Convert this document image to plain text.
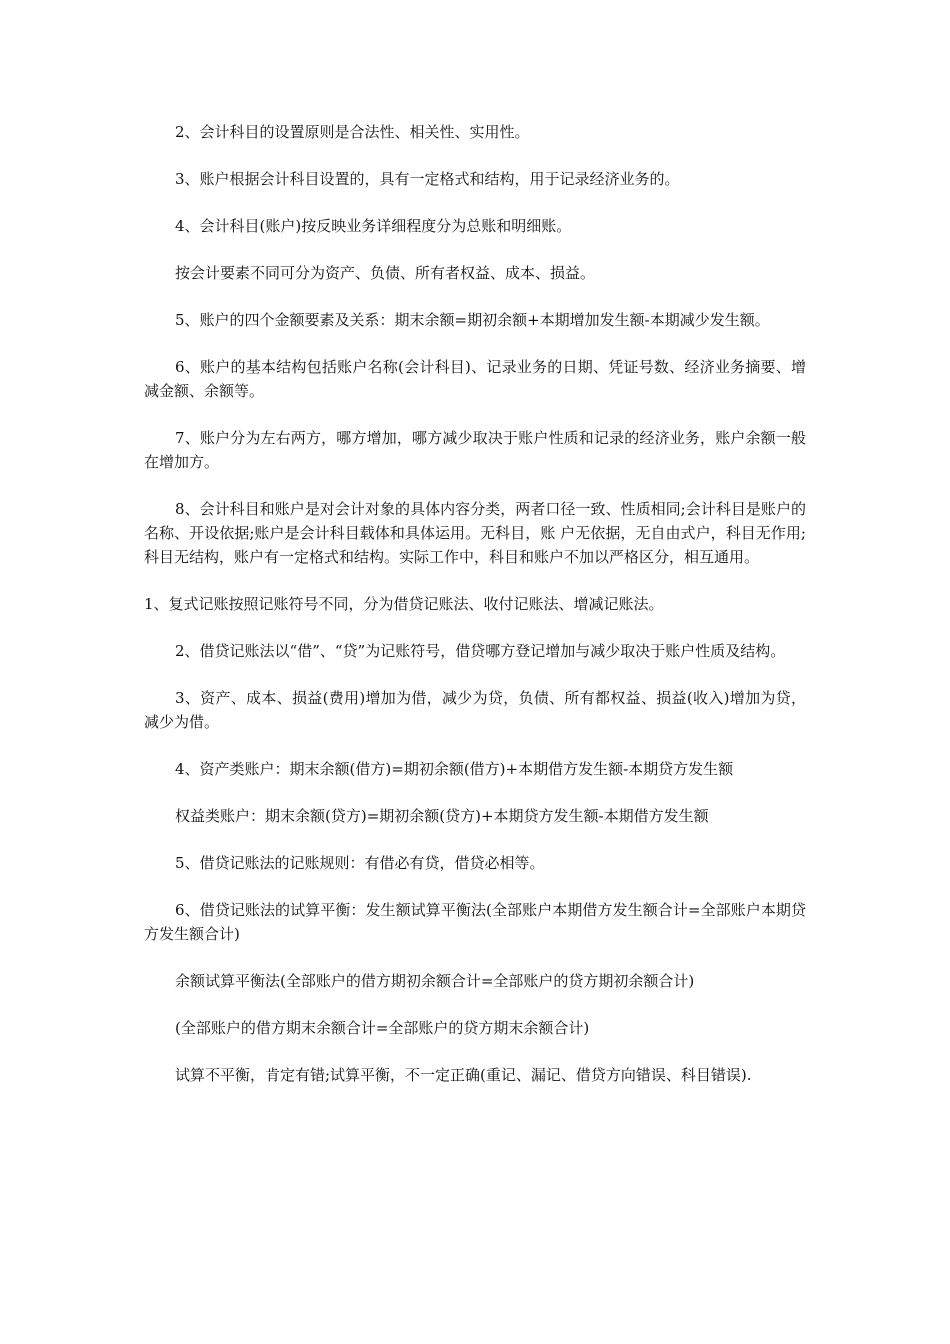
2、会计科目的设置原则是合法性、相关性、实用性。

3、账户根据会计科目设置的，具有一定格式和结构，用于记录经济业务的。

4、会计科目(账户)按反映业务详细程度分为总账和明细账。

按会计要素不同可分为资产、负债、所有者权益、成本、损益。

5、账户的四个金额要素及关系：期末余额=期初余额+本期增加发生额-本期减少发生额。

6、账户的基本结构包括账户名称(会计科目)、记录业务的日期、凭证号数、经济业务摘要、增减金额、余额等。

7、账户分为左右两方，哪方增加，哪方减少取决于账户性质和记录的经济业务，账户余额一般在增加方。

8、会计科目和账户是对会计对象的具体内容分类，两者口径一致、性质相同;会计科目是账户的名称、开设依据;账户是会计科目载体和具体运用。无科目，账 户无依据，无自由式户，科目无作用;科目无结构，账户有一定格式和结构。实际工作中，科目和账户不加以严格区分，相互通用。

1、复式记账按照记账符号不同，分为借贷记账法、收付记账法、增减记账法。

2、借贷记账法以“借”、“贷”为记账符号，借贷哪方登记增加与减少取决于账户性质及结构。

3、资产、成本、损益(费用)增加为借，减少为贷，负债、所有都权益、损益(收入)增加为贷，减少为借。

4、资产类账户：期末余额(借方)=期初余额(借方)+本期借方发生额-本期贷方发生额

权益类账户：期末余额(贷方)=期初余额(贷方)+本期贷方发生额-本期借方发生额

5、借贷记账法的记账规则：有借必有贷，借贷必相等。

6、借贷记账法的试算平衡：发生额试算平衡法(全部账户本期借方发生额合计=全部账户本期贷方发生额合计)

余额试算平衡法(全部账户的借方期初余额合计=全部账户的贷方期初余额合计)

(全部账户的借方期末余额合计=全部账户的贷方期末余额合计)

试算不平衡，肯定有错;试算平衡，不一定正确(重记、漏记、借贷方向错误、科目错误).
